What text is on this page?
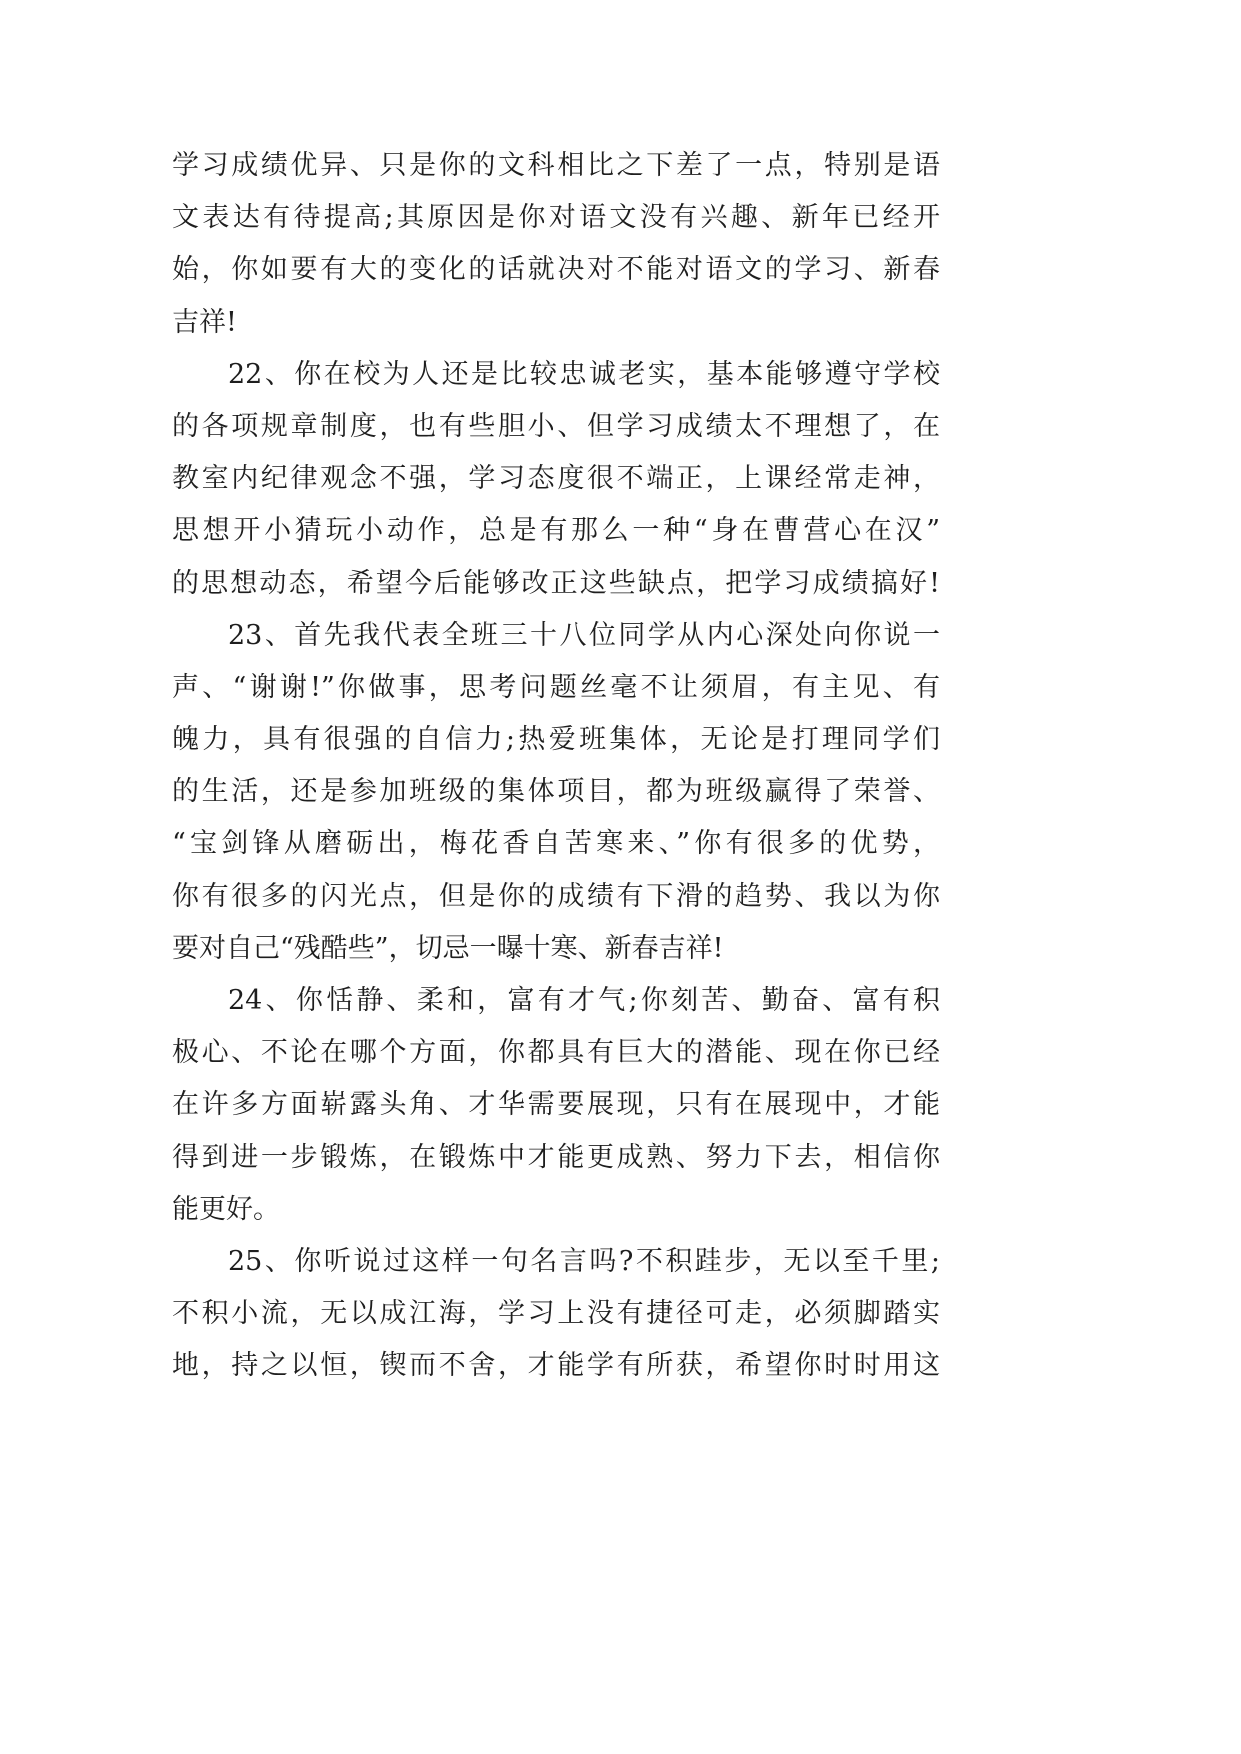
学习成绩优异、只是你的文科相比之下差了一点，特别是语
文表达有待提高;其原因是你对语文没有兴趣、新年已经开
始，你如要有大的变化的话就决对不能对语文的学习、新春
吉祥!
22、你在校为人还是比较忠诚老实，基本能够遵守学校
的各项规章制度，也有些胆小、但学习成绩太不理想了，在
教室内纪律观念不强，学习态度很不端正，上课经常走神，
思想开小猜玩小动作，总是有那么一种“身在曹营心在汉”
的思想动态，希望今后能够改正这些缺点，把学习成绩搞好!
23、首先我代表全班三十八位同学从内心深处向你说一
声、“谢谢!”你做事，思考问题丝毫不让须眉，有主见、有
魄力，具有很强的自信力;热爱班集体，无论是打理同学们
的生活，还是参加班级的集体项目，都为班级赢得了荣誉、
“宝剑锋从磨砺出，梅花香自苦寒来、”你有很多的优势，
你有很多的闪光点，但是你的成绩有下滑的趋势、我以为你
要对自己“残酷些”，切忌一曝十寒、新春吉祥!
24、你恬静、柔和，富有才气;你刻苦、勤奋、富有积
极心、不论在哪个方面，你都具有巨大的潜能、现在你已经
在许多方面崭露头角、才华需要展现，只有在展现中，才能
得到进一步锻炼，在锻炼中才能更成熟、努力下去，相信你
能更好。
25、你听说过这样一句名言吗?不积跬步，无以至千里;
不积小流，无以成江海，学习上没有捷径可走，必须脚踏实
地，持之以恒，锲而不舍，才能学有所获，希望你时时用这
